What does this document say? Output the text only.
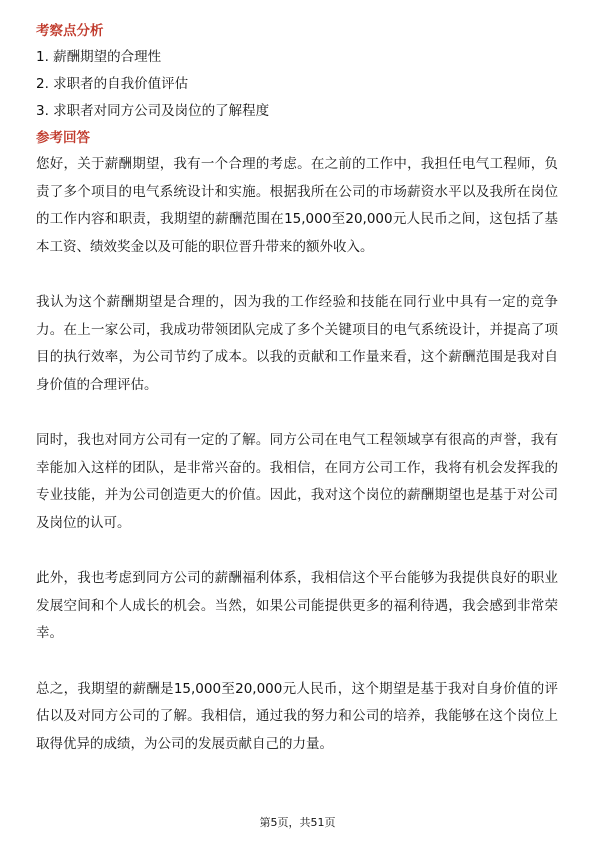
考察点分析

1. 薪酬期望的合理性

2. 求职者的自我价值评估

3. 求职者对同方公司及岗位的了解程度

参考回答

您好，关于薪酬期望，我有一个合理的考虑。在之前的工作中，我担任电气工程师，负责了多个项目的电气系统设计和实施。根据我所在公司的市场薪资水平以及我所在岗位的工作内容和职责，我期望的薪酬范围在15,000至20,000元人民币之间，这包括了基本工资、绩效奖金以及可能的职位晋升带来的额外收入。

我认为这个薪酬期望是合理的，因为我的工作经验和技能在同行业中具有一定的竞争力。在上一家公司，我成功带领团队完成了多个关键项目的电气系统设计，并提高了项目的执行效率，为公司节约了成本。以我的贡献和工作量来看，这个薪酬范围是我对自身价值的合理评估。

同时，我也对同方公司有一定的了解。同方公司在电气工程领域享有很高的声誉，我有幸能加入这样的团队，是非常兴奋的。我相信，在同方公司工作，我将有机会发挥我的专业技能，并为公司创造更大的价值。因此，我对这个岗位的薪酬期望也是基于对公司及岗位的认可。

此外，我也考虑到同方公司的薪酬福利体系，我相信这个平台能够为我提供良好的职业发展空间和个人成长的机会。当然，如果公司能提供更多的福利待遇，我会感到非常荣幸。

总之，我期望的薪酬是15,000至20,000元人民币，这个期望是基于我对自身价值的评估以及对同方公司的了解。我相信，通过我的努力和公司的培养，我能够在这个岗位上取得优异的成绩，为公司的发展贡献自己的力量。

第5页，共51页
